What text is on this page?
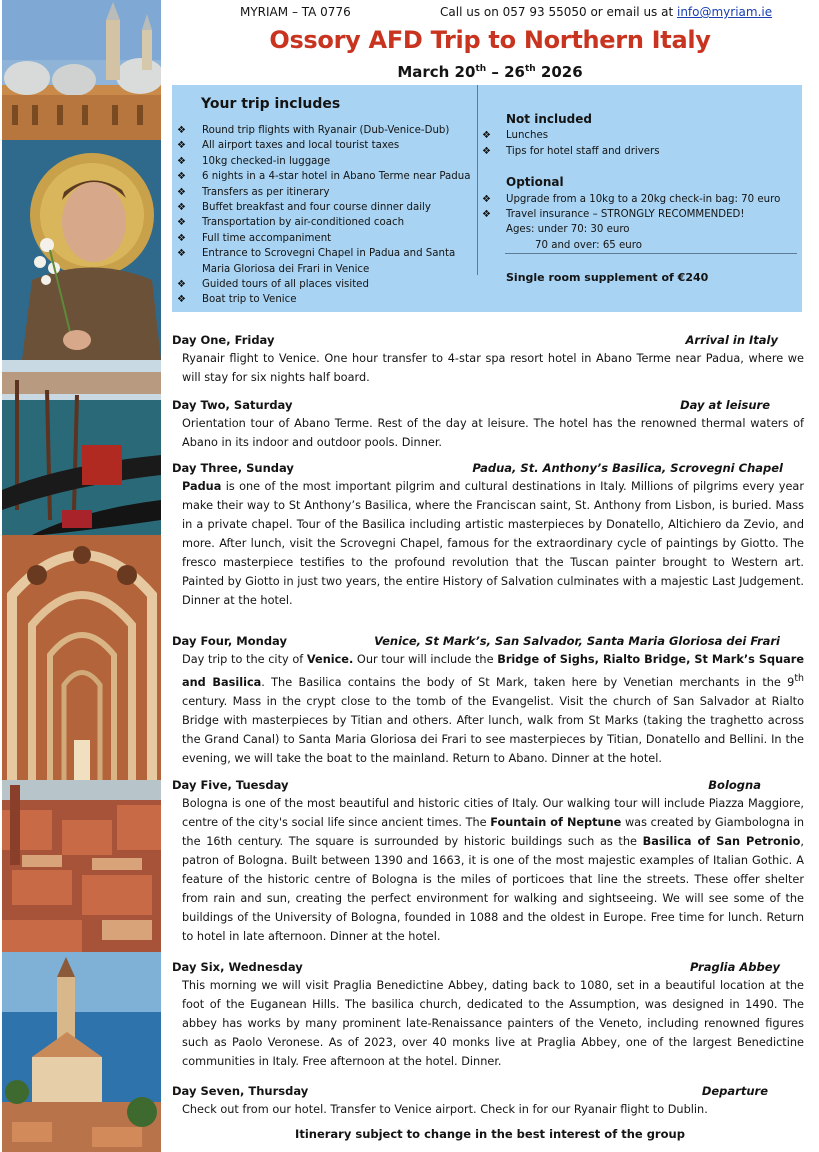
MYRIAM – TA 0776	Call us on 057 93 55050 or email us at info@myriam.ie
Ossory AFD Trip to Northern Italy
March 20th – 26th 2026
Your trip includes
❖ Round trip flights with Ryanair (Dub-Venice-Dub)
❖ All airport taxes and local tourist taxes
❖ 10kg checked-in luggage
❖ 6 nights in a 4-star hotel in Abano Terme near Padua
❖ Transfers as per itinerary
❖ Buffet breakfast and four course dinner daily
❖ Transportation by air-conditioned coach
❖ Full time accompaniment
❖ Entrance to Scrovegni Chapel in Padua and Santa Maria Gloriosa dei Frari in Venice
❖ Guided tours of all places visited
❖ Boat trip to Venice
Not included
❖ Lunches
❖ Tips for hotel staff and drivers
Optional
❖ Upgrade from a 10kg to a 20kg check-in bag: 70 euro
❖ Travel insurance – STRONGLY RECOMMENDED!
Ages: under 70: 30 euro
70 and over: 65 euro
Single room supplement of €240
Day One, Friday	Arrival in Italy
Ryanair flight to Venice. One hour transfer to 4-star spa resort hotel in Abano Terme near Padua, where we will stay for six nights half board.
Day Two, Saturday	Day at leisure
Orientation tour of Abano Terme. Rest of the day at leisure. The hotel has the renowned thermal waters of Abano in its indoor and outdoor pools. Dinner.
Day Three, Sunday	Padua, St. Anthony’s Basilica, Scrovegni Chapel
Padua is one of the most important pilgrim and cultural destinations in Italy. Millions of pilgrims every year make their way to St Anthony’s Basilica, where the Franciscan saint, St. Anthony from Lisbon, is buried. Mass in a private chapel. Tour of the Basilica including artistic masterpieces by Donatello, Altichiero da Zevio, and more. After lunch, visit the Scrovegni Chapel, famous for the extraordinary cycle of paintings by Giotto. The fresco masterpiece testifies to the profound revolution that the Tuscan painter brought to Western art. Painted by Giotto in just two years, the entire History of Salvation culminates with a majestic Last Judgement. Dinner at the hotel.
Day Four, Monday	Venice, St Mark’s, San Salvador, Santa Maria Gloriosa dei Frari
Day trip to the city of Venice. Our tour will include the Bridge of Sighs, Rialto Bridge, St Mark’s Square and Basilica. The Basilica contains the body of St Mark, taken here by Venetian merchants in the 9th century. Mass in the crypt close to the tomb of the Evangelist. Visit the church of San Salvador at Rialto Bridge with masterpieces by Titian and others. After lunch, walk from St Marks (taking the traghetto across the Grand Canal) to Santa Maria Gloriosa dei Frari to see masterpieces by Titian, Donatello and Bellini. In the evening, we will take the boat to the mainland. Return to Abano. Dinner at the hotel.
Day Five, Tuesday	Bologna
Bologna is one of the most beautiful and historic cities of Italy. Our walking tour will include Piazza Maggiore, centre of the city's social life since ancient times. The Fountain of Neptune was created by Giambologna in the 16th century. The square is surrounded by historic buildings such as the Basilica of San Petronio, patron of Bologna. Built between 1390 and 1663, it is one of the most majestic examples of Italian Gothic. A feature of the historic centre of Bologna is the miles of porticoes that line the streets. These offer shelter from rain and sun, creating the perfect environment for walking and sightseeing. We will see some of the buildings of the University of Bologna, founded in 1088 and the oldest in Europe. Free time for lunch. Return to hotel in late afternoon. Dinner at the hotel.
Day Six, Wednesday	Praglia Abbey
This morning we will visit Praglia Benedictine Abbey, dating back to 1080, set in a beautiful location at the foot of the Euganean Hills. The basilica church, dedicated to the Assumption, was designed in 1490. The abbey has works by many prominent late-Renaissance painters of the Veneto, including renowned figures such as Paolo Veronese. As of 2023, over 40 monks live at Praglia Abbey, one of the largest Benedictine communities in Italy. Free afternoon at the hotel. Dinner.
Day Seven, Thursday	Departure
Check out from our hotel. Transfer to Venice airport. Check in for our Ryanair flight to Dublin.
Itinerary subject to change in the best interest of the group
